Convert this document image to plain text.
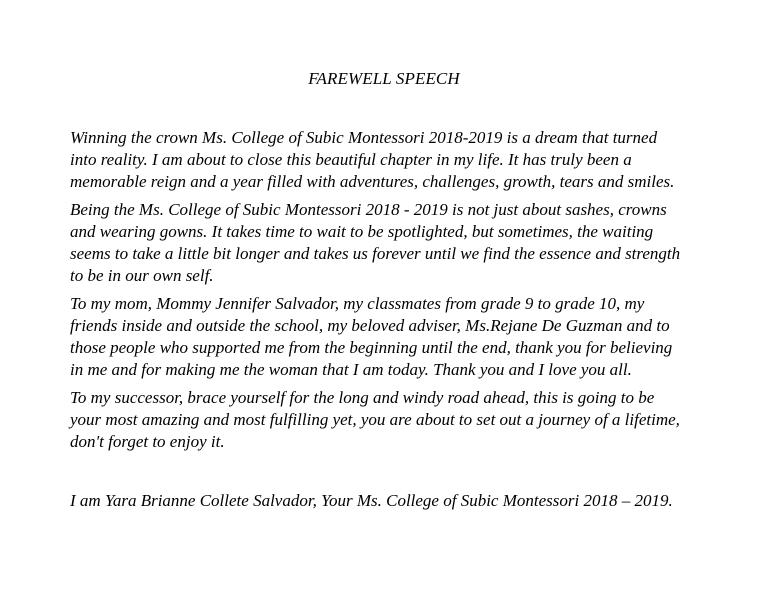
FAREWELL SPEECH

Winning the crown Ms. College of Subic Montessori 2018-2019 is a dream that turned
into reality. I am about to close this beautiful chapter in my life. It has truly been a
memorable reign and a year filled with adventures, challenges, growth, tears and smiles.

Being the Ms. College of Subic Montessori 2018 - 2019 is not just about sashes, crowns
and wearing gowns. It takes time to wait to be spotlighted, but sometimes, the waiting
seems to take a little bit longer and takes us forever until we find the essence and strength
to be in our own self.

To my mom, Mommy Jennifer Salvador, my classmates from grade 9 to grade 10, my
friends inside and outside the school, my beloved adviser, Ms.Rejane De Guzman and to
those people who supported me from the beginning until the end, thank you for believing
in me and for making me the woman that I am today. Thank you and I love you all.

To my successor, brace yourself for the long and windy road ahead, this is going to be
your most amazing and most fulfilling yet, you are about to set out a journey of a lifetime,
don't forget to enjoy it.

I am Yara Brianne Collete Salvador, Your Ms. College of Subic Montessori 2018 – 2019.
